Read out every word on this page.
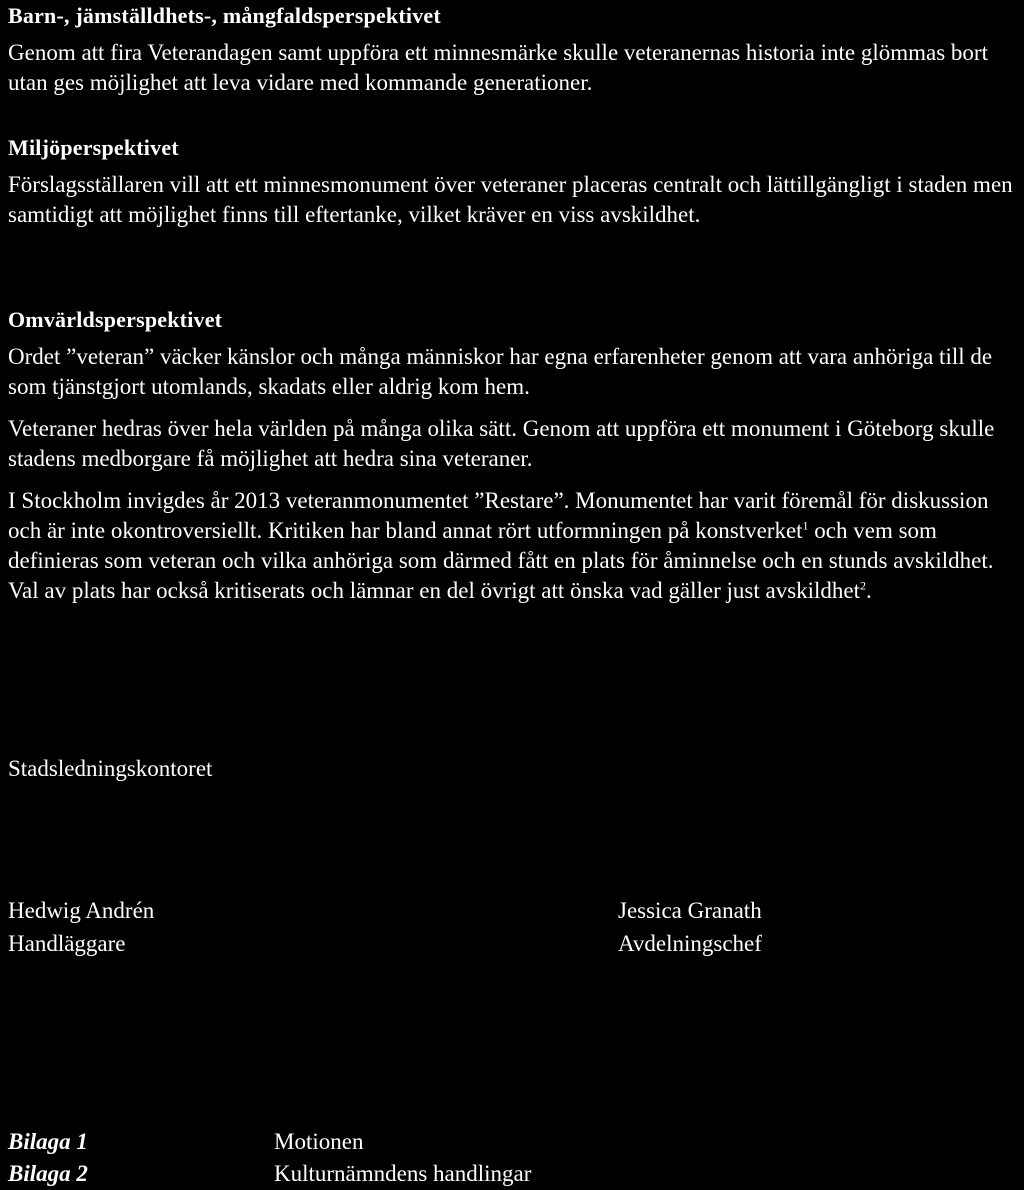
Barn-, jämställdhets-, mångfaldsperspektivet

Genom att fira Veterandagen samt uppföra ett minnesmärke skulle veteranernas historia inte glömmas bort utan ges möjlighet att leva vidare med kommande generationer.

Miljöperspektivet

Förslagsställaren vill att ett minnesmonument över veteraner placeras centralt och lättillgängligt i staden men samtidigt att möjlighet finns till eftertanke, vilket kräver en viss avskildhet.

Omvärldsperspektivet

Ordet ”veteran” väcker känslor och många människor har egna erfarenheter genom att vara anhöriga till de som tjänstgjort utomlands, skadats eller aldrig kom hem.

Veteraner hedras över hela världen på många olika sätt. Genom att uppföra ett monument i Göteborg skulle stadens medborgare få möjlighet att hedra sina veteraner.

I Stockholm invigdes år 2013 veteranmonumentet ”Restare”. Monumentet har varit föremål för diskussion och är inte okontroversiellt. Kritiken har bland annat rört utformningen på konstverket$^1$ och vem som definieras som veteran och vilka anhöriga som därmed fått en plats för åminnelse och en stunds avskildhet. Val av plats har också kritiserats och lämnar en del övrigt att önska vad gäller just avskildhet$^2$.

Stadsledningskontoret
Hedwig Andrén
Handläggare
Jessica Granath
Avdelningschef
Bilaga 1	Motionen
Bilaga 2	Kulturnämndens handlingar
